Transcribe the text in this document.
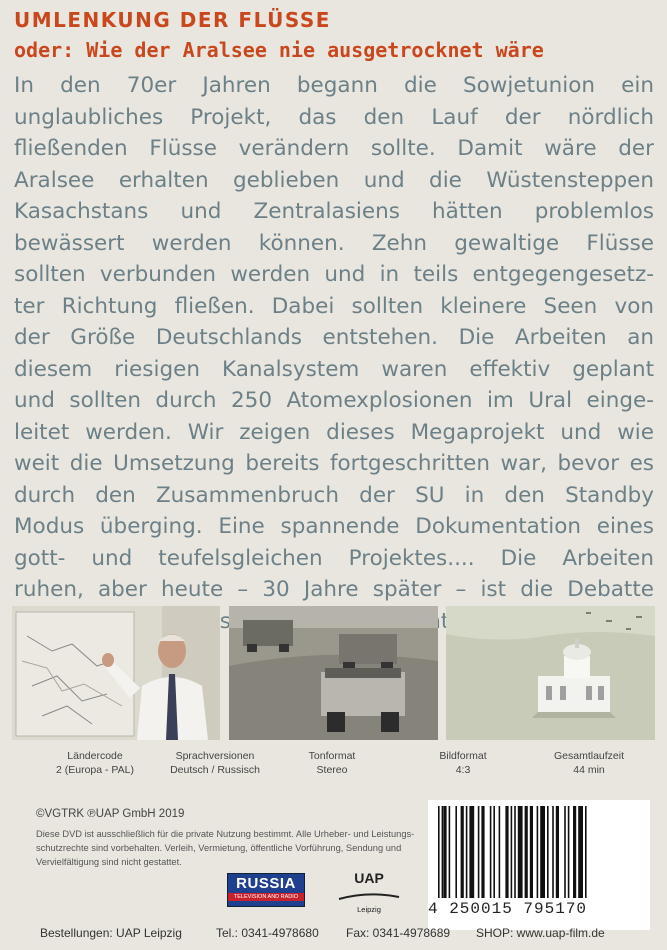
UMLENKUNG DER FLÜSSE
oder: Wie der Aralsee nie ausgetrocknet wäre
In den 70er Jahren begann die Sowjetunion ein
unglaubliches Projekt, das den Lauf der nördlich
fließenden Flüsse verändern sollte. Damit wäre der
Aralsee erhalten geblieben und die Wüstensteppen
Kasachstans und Zentralasiens hätten problemlos
bewässert werden können. Zehn gewaltige Flüsse
sollten verbunden werden und in teils entgegengesetz-
ter Richtung fließen. Dabei sollten kleinere Seen von
der Größe Deutschlands entstehen. Die Arbeiten an
diesem riesigen Kanalsystem waren effektiv geplant
und sollten durch 250 Atomexplosionen im Ural einge-
leitet werden. Wir zeigen dieses Megaprojekt und wie
weit die Umsetzung bereits fortgeschritten war, bevor es
durch den Zusammenbruch der SU in den Standby
Modus überging. Eine spannende Dokumentation eines
gott- und teufelsgleichen Projektes.... Die Arbeiten
ruhen, aber heute – 30 Jahre später – ist die Debatte
Ländercode
2 (Europa - PAL)
Sprachversionen
Deutsch / Russisch
Tonformat
Stereo
Bildformat
4:3
Gesamtlaufzeit
44 min
©VGTRK ℗UAP GmbH 2019
Diese DVD ist ausschließlich für die private Nutzung bestimmt. Alle Urheber- und Leistungs-
schutzrechte sind vorbehalten. Verleih, Vermietung, öffentliche Vorführung, Sendung und
Vervielfältigung sind nicht gestattet.
RUSSIA
TELEVISION AND RADIO
UAP
Leipzig	4 250015 795170
Bestellungen: UAP Leipzig	Tel.: 0341-4978680 Fax: 0341-4978689 SHOP: www.uap-film.de
